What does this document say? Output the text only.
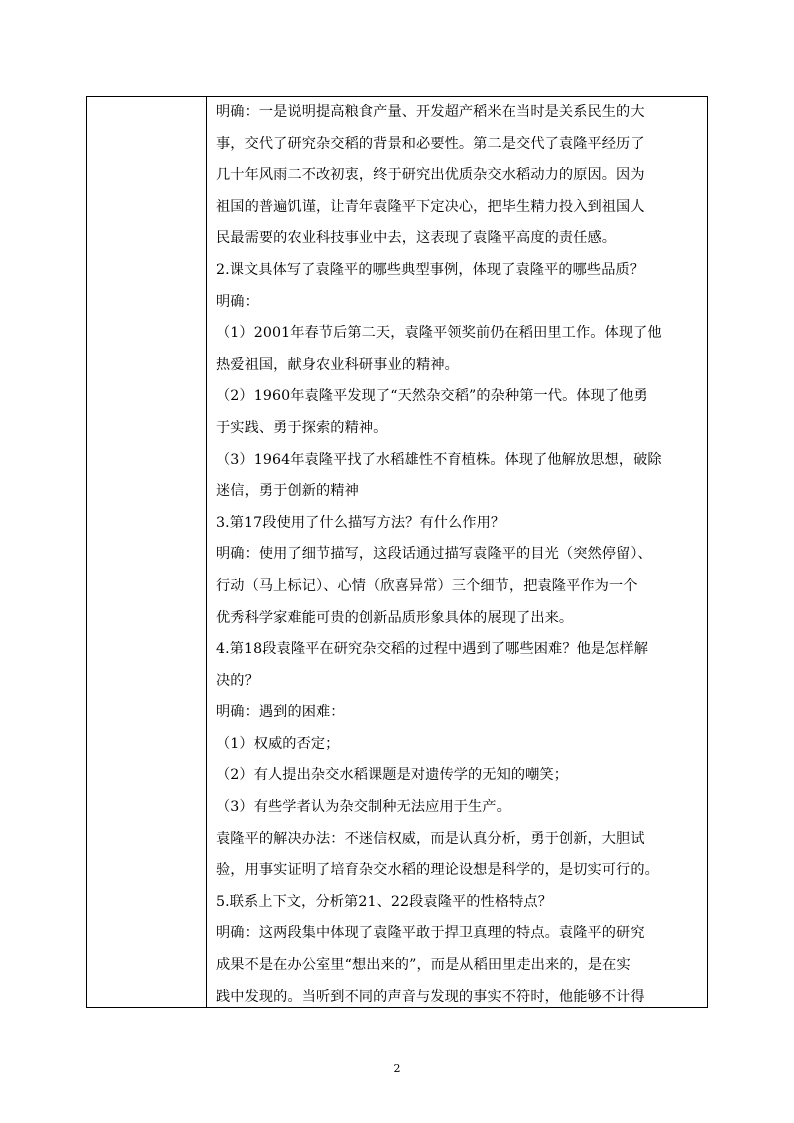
明确：一是说明提高粮食产量、开发超产稻米在当时是关系民生的大
事，交代了研究杂交稻的背景和必要性。第二是交代了袁隆平经历了
几十年风雨二不改初衷，终于研究出优质杂交水稻动力的原因。因为
祖国的普遍饥谨，让青年袁隆平下定决心，把毕生精力投入到祖国人
民最需要的农业科技事业中去，这表现了袁隆平高度的责任感。
2.课文具体写了袁隆平的哪些典型事例，体现了袁隆平的哪些品质？
明确：
（1）2001年春节后第二天，袁隆平领奖前仍在稻田里工作。体现了他
热爱祖国，献身农业科研事业的精神。
（2）1960年袁隆平发现了“天然杂交稻”的杂种第一代。体现了他勇
于实践、勇于探索的精神。
（3）1964年袁隆平找了水稻雄性不育植株。体现了他解放思想，破除
迷信，勇于创新的精神
3.第17段使用了什么描写方法？有什么作用？
明确：使用了细节描写，这段话通过描写袁隆平的目光（突然停留）、
行动（马上标记）、心情（欣喜异常）三个细节，把袁隆平作为一个
优秀科学家难能可贵的创新品质形象具体的展现了出来。
4.第18段袁隆平在研究杂交稻的过程中遇到了哪些困难？他是怎样解
决的？
明确：遇到的困难：
（1）权威的否定；
（2）有人提出杂交水稻课题是对遗传学的无知的嘲笑；
（3）有些学者认为杂交制种无法应用于生产。
袁隆平的解决办法：不迷信权威，而是认真分析，勇于创新，大胆试
验，用事实证明了培育杂交水稻的理论设想是科学的，是切实可行的。
5.联系上下文，分析第21、22段袁隆平的性格特点？
明确：这两段集中体现了袁隆平敢于捍卫真理的特点。袁隆平的研究
成果不是在办公室里“想出来的”，而是从稻田里走出来的，是在实
践中发现的。当听到不同的声音与发现的事实不符时，他能够不计得
2
